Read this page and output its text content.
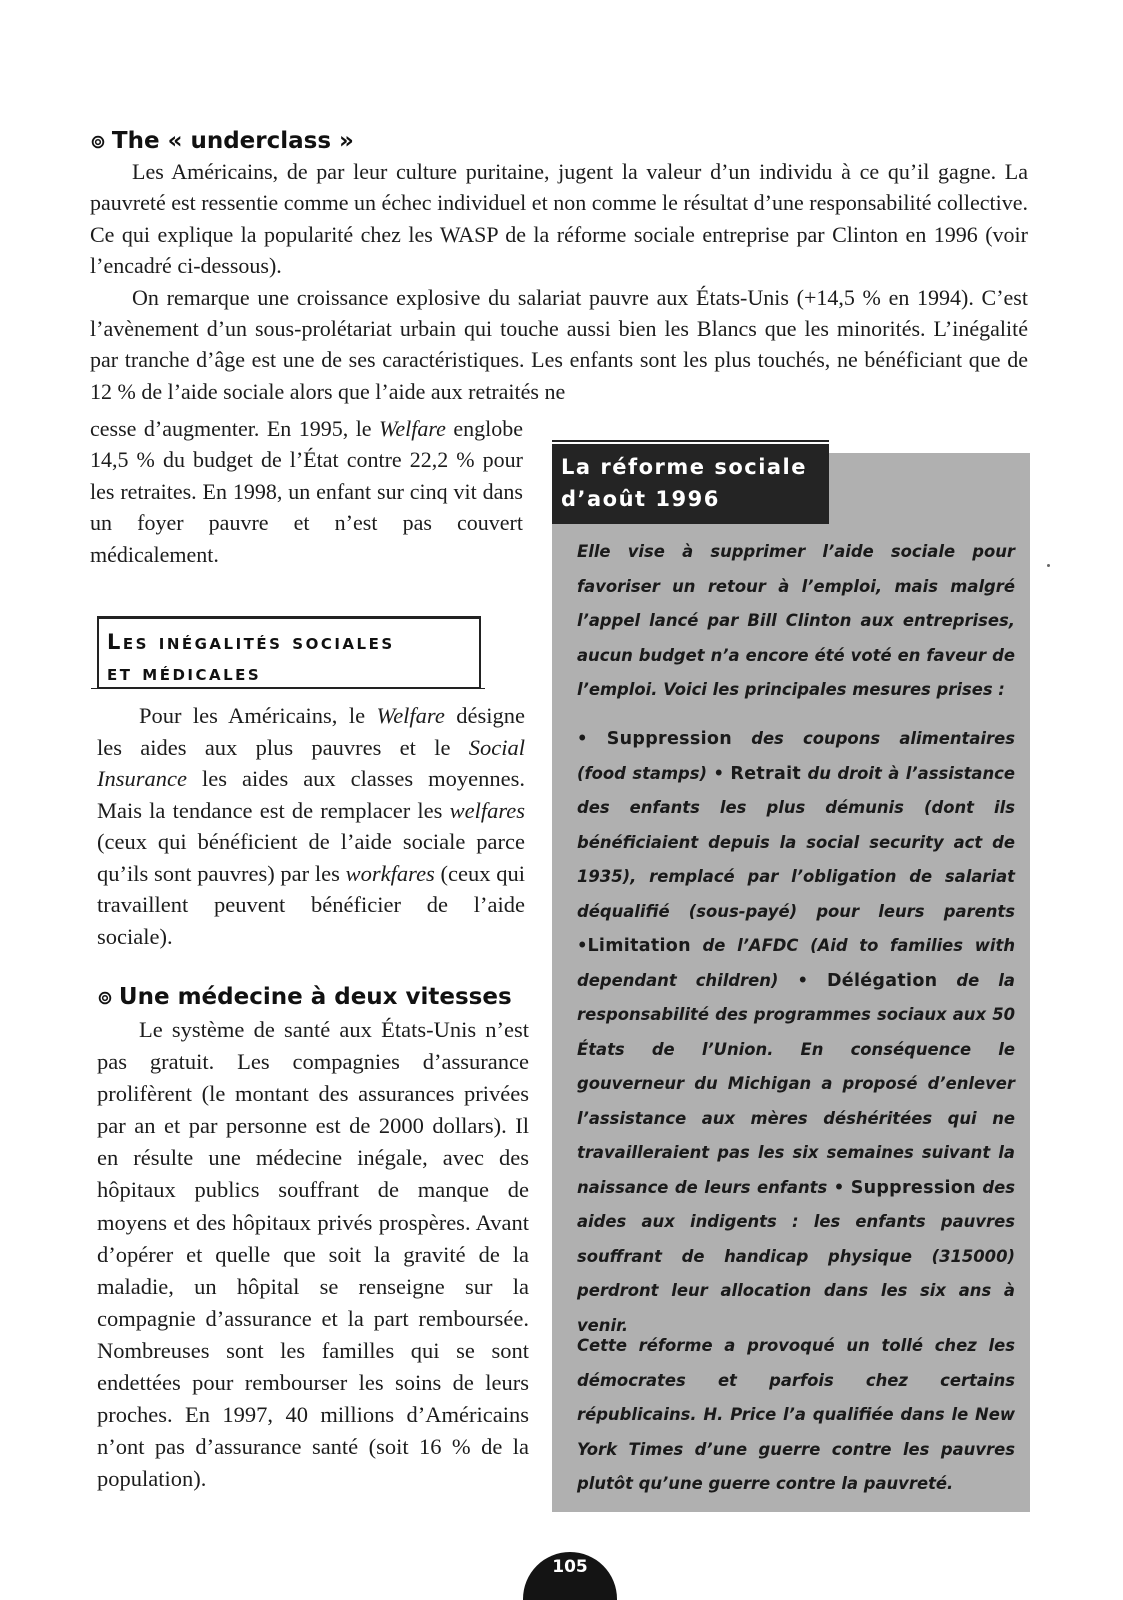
⊚ The « underclass »

Les Américains, de par leur culture puritaine, jugent la valeur d’un individu à ce qu’il gagne. La pauvreté est ressentie comme un échec individuel et non comme le résultat d’une responsabilité collective. Ce qui explique la popularité chez les WASP de la réforme sociale entreprise par Clinton en 1996 (voir l’encadré ci-dessous).

On remarque une croissance explosive du salariat pauvre aux États-Unis (+14,5 % en 1994). C’est l’avènement d’un sous-prolétariat urbain qui touche aussi bien les Blancs que les minorités. L’inégalité par tranche d’âge est une de ses caractéristiques. Les enfants sont les plus touchés, ne bénéficiant que de 12 % de l’aide sociale alors que l’aide aux retraités ne

cesse d’augmenter. En 1995, le Welfare englobe 14,5 % du budget de l’État contre 22,2 % pour les retraites. En 1998, un enfant sur cinq vit dans un foyer pauvre et n’est pas couvert médicalement.

Les inégalités sociales
et médicales

Pour les Américains, le Welfare désigne les aides aux plus pauvres et le Social Insurance les aides aux classes moyennes. Mais la tendance est de remplacer les welfares (ceux qui bénéficient de l’aide sociale parce qu’ils sont pauvres) par les workfares (ceux qui travaillent peuvent bénéficier de l’aide sociale).

⊚ Une médecine à deux vitesses

Le système de santé aux États-Unis n’est pas gratuit. Les compagnies d’assurance prolifèrent (le montant des assurances privées par an et par personne est de 2000 dollars). Il en résulte une médecine inégale, avec des hôpitaux publics souffrant de manque de moyens et des hôpitaux privés prospères. Avant d’opérer et quelle que soit la gravité de la maladie, un hôpital se renseigne sur la compagnie d’assurance et la part remboursée. Nombreuses sont les familles qui se sont endettées pour rembourser les soins de leurs proches. En 1997, 40 millions d’Américains n’ont pas d’assurance santé (soit 16 % de la population).

La réforme sociale
d’août 1996

Elle vise à supprimer l’aide sociale pour favoriser un retour à l’emploi, mais malgré l’appel lancé par Bill Clinton aux entreprises, aucun budget n’a encore été voté en faveur de l’emploi. Voici les principales mesures prises :

• Suppression des coupons alimentaires (food stamps) • Retrait du droit à l’assistance des enfants les plus démunis (dont ils bénéficiaient depuis la social security act de 1935), remplacé par l’obligation de salariat déqualifié (sous-payé) pour leurs parents •Limitation de l’AFDC (Aid to families with dependant children) • Délégation de la responsabilité des programmes sociaux aux 50 États de l’Union. En conséquence le gouverneur du Michigan a proposé d’enlever l’assistance aux mères déshéritées qui ne travailleraient pas les six semaines suivant la naissance de leurs enfants • Suppression des aides aux indigents : les enfants pauvres souffrant de handicap physique (315000) perdront leur allocation dans les six ans à venir.

Cette réforme a provoqué un tollé chez les démocrates et parfois chez certains républicains. H. Price l’a qualifiée dans le New York Times d’une guerre contre les pauvres plutôt qu’une guerre contre la pauvreté.

105
